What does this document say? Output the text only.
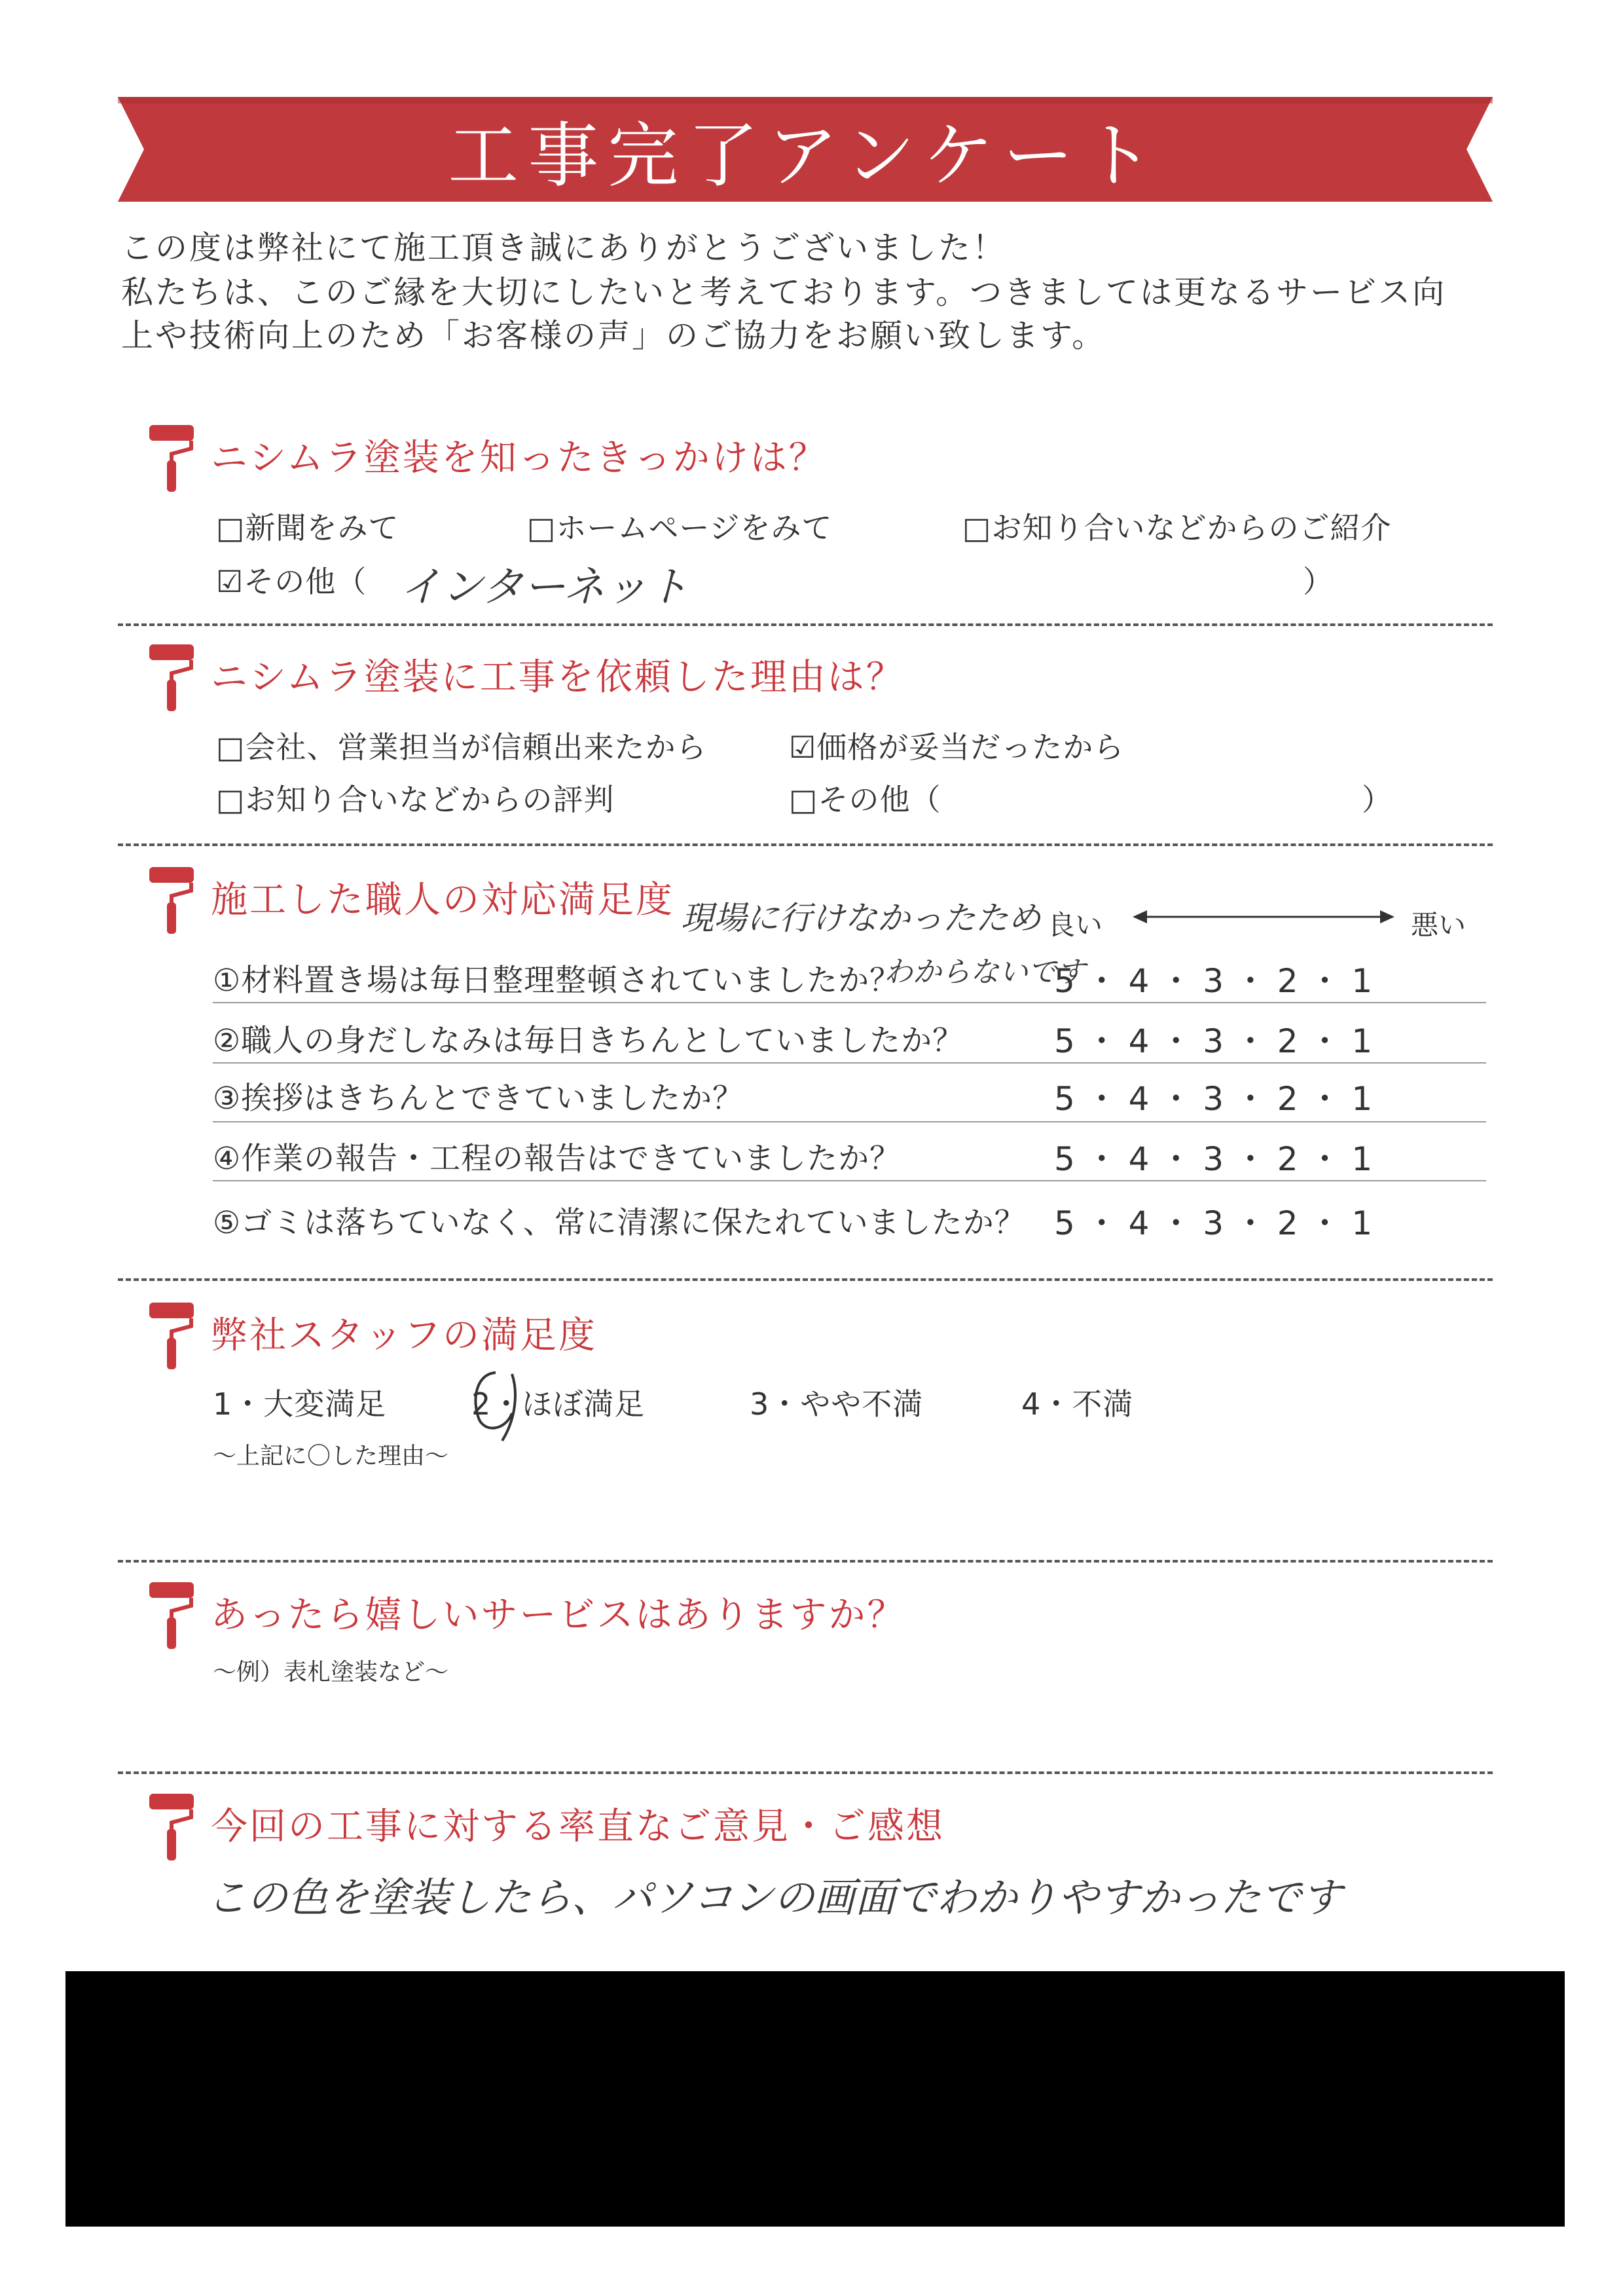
工事完了アンケート
この度は弊社にて施工頂き誠にありがとうございました！
私たちは、このご縁を大切にしたいと考えております。つきましては更なるサービス向
上や技術向上のため「お客様の声」のご協力をお願い致します。
ニシムラ塗装を知ったきっかけは？
□新聞をみて	□ホームページをみて	□お知り合いなどからのご紹介
☑その他（ インターネット	）
ニシムラ塗装に工事を依頼した理由は？
□会社、営業担当が信頼出来たから	☑価格が妥当だったから
□お知り合いなどからの評判	□その他（	）
施工した職人の対応満足度 現場に行けなかったため 良い	悪い
わからないです
①材料置き場は毎日整理整頓されていましたか？	5 ・ 4 ・ 3 ・ 2 ・ 1
②職人の身だしなみは毎日きちんとしていましたか？	5 ・ 4 ・ 3 ・ 2 ・ 1
③挨拶はきちんとできていましたか？	5 ・ 4 ・ 3 ・ 2 ・ 1
④作業の報告・工程の報告はできていましたか？	5 ・ 4 ・ 3 ・ 2 ・ 1
⑤ゴミは落ちていなく、常に清潔に保たれていましたか？ 5 ・ 4 ・ 3 ・ 2 ・ 1
弊社スタッフの満足度
1・大変満足	2・ほぼ満足	3・やや不満	4・不満
～上記に〇した理由～
あったら嬉しいサービスはありますか？
～例）表札塗装など～
今回の工事に対する率直なご意見・ご感想
この色を塗装したら、パソコンの画面でわかりやすかったです
